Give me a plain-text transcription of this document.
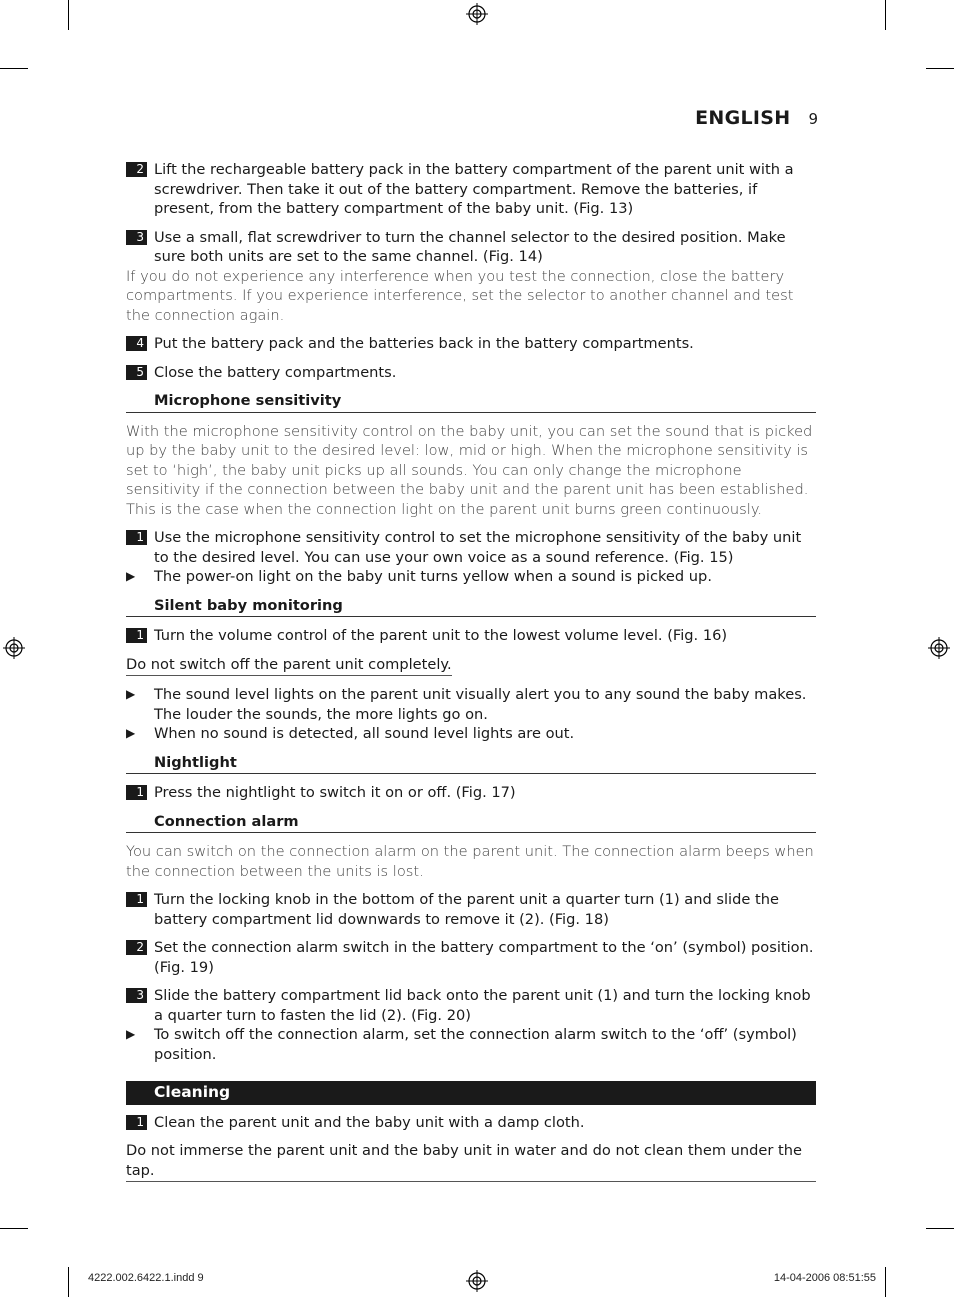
ENGLISH 9
2 Lift the rechargeable battery pack in the battery compartment of the parent unit with a screwdriver. Then take it out of the battery compartment. Remove the batteries, if present, from the battery compartment of the baby unit. (Fig. 13)
3 Use a small, flat screwdriver to turn the channel selector to the desired position. Make sure both units are set to the same channel. (Fig. 14)
If you do not experience any interference when you test the connection, close the battery compartments. If you experience interference, set the selector to another channel and test the connection again.
4 Put the battery pack and the batteries back in the battery compartments.
5 Close the battery compartments.
Microphone sensitivity
With the microphone sensitivity control on the baby unit, you can set the sound that is picked up by the baby unit to the desired level: low, mid or high. When the microphone sensitivity is set to ‘high’, the baby unit picks up all sounds. You can only change the microphone sensitivity if the connection between the baby unit and the parent unit has been established. This is the case when the connection light on the parent unit burns green continuously.
1 Use the microphone sensitivity control to set the microphone sensitivity of the baby unit to the desired level. You can use your own voice as a sound reference. (Fig. 15)
▶ The power-on light on the baby unit turns yellow when a sound is picked up.
Silent baby monitoring
1 Turn the volume control of the parent unit to the lowest volume level. (Fig. 16)
Do not switch off the parent unit completely.
▶ The sound level lights on the parent unit visually alert you to any sound the baby makes. The louder the sounds, the more lights go on.
▶ When no sound is detected, all sound level lights are out.
Nightlight
1 Press the nightlight to switch it on or off. (Fig. 17)
Connection alarm
You can switch on the connection alarm on the parent unit. The connection alarm beeps when the connection between the units is lost.
1 Turn the locking knob in the bottom of the parent unit a quarter turn (1) and slide the battery compartment lid downwards to remove it (2). (Fig. 18)
2 Set the connection alarm switch in the battery compartment to the ‘on’ (symbol) position. (Fig. 19)
3 Slide the battery compartment lid back onto the parent unit (1) and turn the locking knob a quarter turn to fasten the lid (2). (Fig. 20)
▶ To switch off the connection alarm, set the connection alarm switch to the ‘off’ (symbol) position.
Cleaning
1 Clean the parent unit and the baby unit with a damp cloth.
Do not immerse the parent unit and the baby unit in water and do not clean them under the tap.
4222.002.6422.1.indd 9	14-04-2006 08:51:55
